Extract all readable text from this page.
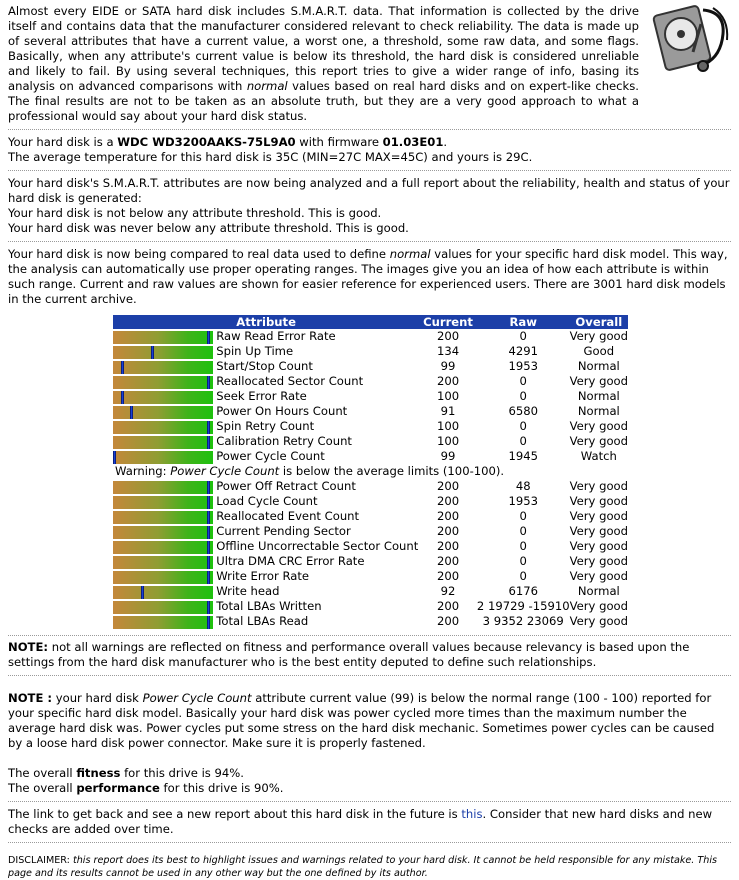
Almost every EIDE or SATA hard disk includes S.M.A.R.T. data. That information is collected by the drive itself and contains data that the manufacturer considered relevant to check reliability. The data is made up of several attributes that have a current value, a worst one, a threshold, some raw data, and some flags. Basically, when any attribute's current value is below its threshold, the hard disk is considered unreliable and likely to fail. By using several techniques, this report tries to give a wider range of info, basing its analysis on advanced comparisons with normal values based on real hard disks and on expert-like checks. The final results are not to be taken as an absolute truth, but they are a very good approach to what a professional would say about your hard disk status.

Your hard disk is a WDC WD3200AAKS-75L9A0 with firmware 01.03E01.

The average temperature for this hard disk is 35C (MIN=27C MAX=45C) and yours is 29C.

Your hard disk's S.M.A.R.T. attributes are now being analyzed and a full report about the reliability, health and status of your hard disk is generated:

Your hard disk is not below any attribute threshold. This is good.

Your hard disk was never below any attribute threshold. This is good.

Your hard disk is now being compared to real data used to define normal values for your specific hard disk model. This way, the analysis can automatically use proper operating ranges. The images give you an idea of how each attribute is within such range. Current and raw values are shown for easier reference for experienced users. There are 3001 hard disk models in the current archive.

Attribute		Current	Raw	Overall

	Raw Read Error Rate	200	0	Very good

	Spin Up Time	134	4291	Good

	Start/Stop Count	99	1953	Normal

	Reallocated Sector Count	200	0	Very good

	Seek Error Rate	100	0	Normal

	Power On Hours Count	91	6580	Normal

	Spin Retry Count	100	0	Very good

	Calibration Retry Count	100	0	Very good

	Power Cycle Count	99	1945	Watch
Warning: Power Cycle Count is below the average limits (100-100).				

	Power Off Retract Count	200	48	Very good

	Load Cycle Count	200	1953	Very good

	Reallocated Event Count	200	0	Very good

	Current Pending Sector	200	0	Very good

	Offline Uncorrectable Sector Count	200	0	Very good

	Ultra DMA CRC Error Rate	200	0	Very good

	Write Error Rate	200	0	Very good

	Write head	92	6176	Normal

	Total LBAs Written	200	2 19729 -15910	Very good

	Total LBAs Read	200	3 9352 23069	Very good

NOTE: not all warnings are reflected on fitness and performance overall values because relevancy is based upon the settings from the hard disk manufacturer who is the best entity deputed to define such relationships.

NOTE : your hard disk Power Cycle Count attribute current value (99) is below the normal range (100 - 100) reported for your specific hard disk model. Basically your hard disk was power cycled more times than the maximum number the average hard disk was. Power cycles put some stress on the hard disk mechanic. Sometimes power cycles can be caused by a loose hard disk power connector. Make sure it is properly fastened.

The overall fitness for this drive is 94%.

The overall performance for this drive is 90%.

The link to get back and see a new report about this hard disk in the future is this. Consider that new hard disks and new checks are added over time.

DISCLAIMER: this report does its best to highlight issues and warnings related to your hard disk. It cannot be held responsible for any mistake. This page and its results cannot be used in any other way but the one defined by its author.
